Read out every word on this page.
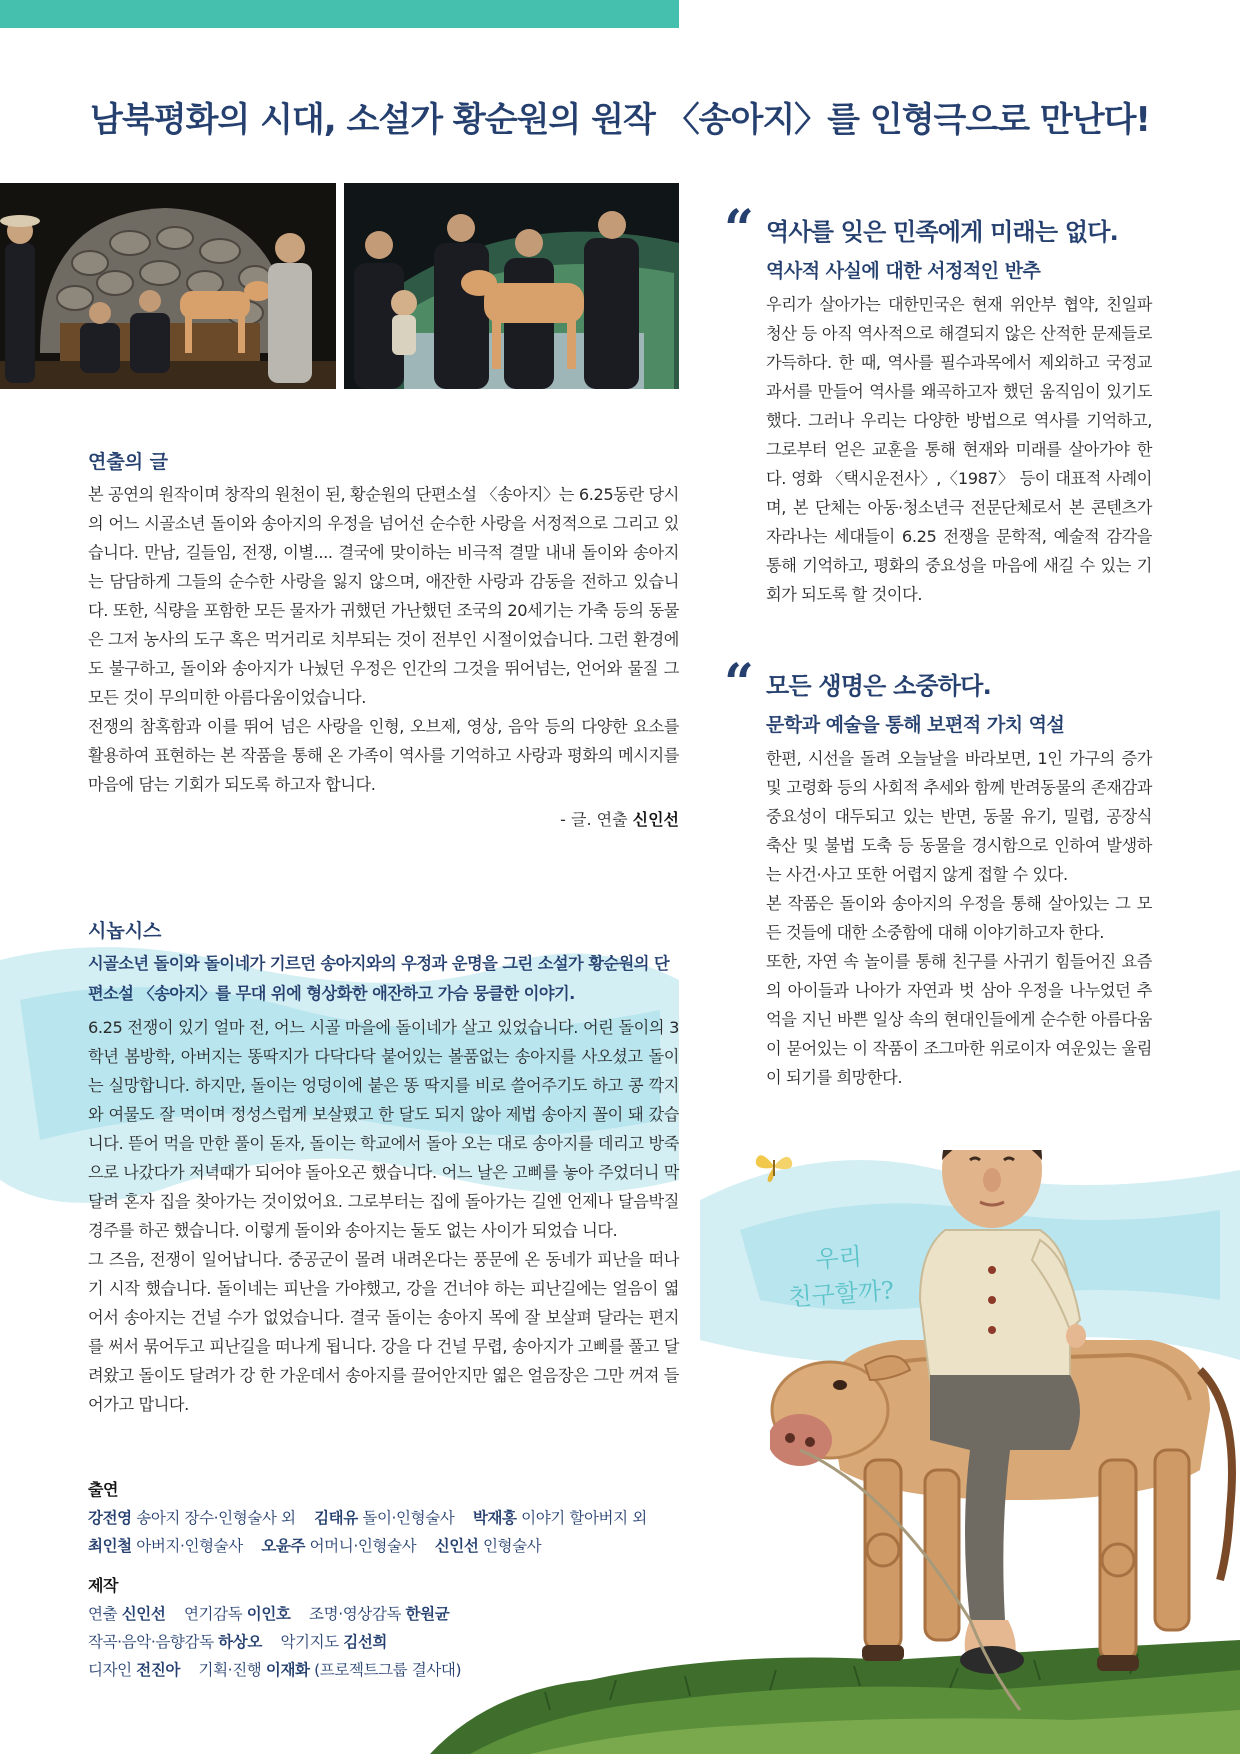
남북평화의 시대, 소설가 황순원의 원작 〈송아지〉를 인형극으로 만난다!
연출의 글

본 공연의 원작이며 창작의 원천이 된, 황순원의 단편소설 〈송아지〉는 6.25동란 당시의 어느 시골소년 돌이와 송아지의 우정을 넘어선 순수한 사랑을 서정적으로 그리고 있습니다. 만남, 길들임, 전쟁, 이별.... 결국에 맞이하는 비극적 결말 내내 돌이와 송아지는 담담하게 그들의 순수한 사랑을 잃지 않으며, 애잔한 사랑과 감동을 전하고 있습니다. 또한, 식량을 포함한 모든 물자가 귀했던 가난했던 조국의 20세기는 가축 등의 동물은 그저 농사의 도구 혹은 먹거리로 치부되는 것이 전부인 시절이었습니다. 그런 환경에도 불구하고, 돌이와 송아지가 나눴던 우정은 인간의 그것을 뛰어넘는, 언어와 물질 그 모든 것이 무의미한 아름다움이었습니다.

전쟁의 참혹함과 이를 뛰어 넘은 사랑을 인형, 오브제, 영상, 음악 등의 다양한 요소를 활용하여 표현하는 본 작품을 통해 온 가족이 역사를 기억하고 사랑과 평화의 메시지를 마음에 담는 기회가 되도록 하고자 합니다.

- 글. 연출 신인선
시놉시스
시골소년 돌이와 돌이네가 기르던 송아지와의 우정과 운명을 그린 소설가 황순원의 단편소설 〈송아지〉를 무대 위에 형상화한 애잔하고 가슴 뭉클한 이야기.

6.25 전쟁이 있기 얼마 전, 어느 시골 마을에 돌이네가 살고 있었습니다. 어린 돌이의 3학년 봄방학, 아버지는 똥딱지가 다닥다닥 붙어있는 볼품없는 송아지를 사오셨고 돌이는 실망합니다. 하지만, 돌이는 엉덩이에 붙은 똥 딱지를 비로 쓸어주기도 하고 콩 깍지와 여물도 잘 먹이며 정성스럽게 보살폈고 한 달도 되지 않아 제법 송아지 꼴이 돼 갔습니다. 뜯어 먹을 만한 풀이 돋자, 돌이는 학교에서 돌아 오는 대로 송아지를 데리고 방죽으로 나갔다가 저녁때가 되어야 돌아오곤 했습니다. 어느 날은 고삐를 놓아 주었더니 막 달려 혼자 집을 찾아가는 것이었어요. 그로부터는 집에 돌아가는 길엔 언제나 달음박질 경주를 하곤 했습니다. 이렇게 돌이와 송아지는 둘도 없는 사이가 되었습 니다.

그 즈음, 전쟁이 일어납니다. 중공군이 몰려 내려온다는 풍문에 온 동네가 피난을 떠나기 시작 했습니다. 돌이네는 피난을 가야했고, 강을 건너야 하는 피난길에는 얼음이 엷어서 송아지는 건널 수가 없었습니다. 결국 돌이는 송아지 목에 잘 보살펴 달라는 편지를 써서 묶어두고 피난길을 떠나게 됩니다. 강을 다 건널 무렵, 송아지가 고삐를 풀고 달려왔고 돌이도 달려가 강 한 가운데서 송아지를 끌어안지만 엷은 얼음장은 그만 꺼져 들어가고 맙니다.

출연
강전영 송아지 장수·인형술사 외 김태유 돌이·인형술사 박재홍 이야기 할아버지 외
최인철 아버지·인형술사 오윤주 어머니·인형술사 신인선 인형술사
제작
연출 신인선 연기감독 이인호 조명·영상감독 한원균
작곡·음악·음향감독 하상오 악기지도 김선희
디자인 전진아 기획·진행 이재화 (프로젝트그룹 결사대)
“ 역사를 잊은 민족에게 미래는 없다.
역사적 사실에 대한 서정적인 반추

우리가 살아가는 대한민국은 현재 위안부 협약, 친일파 청산 등 아직 역사적으로 해결되지 않은 산적한 문제들로 가득하다. 한 때, 역사를 필수과목에서 제외하고 국정교과서를 만들어 역사를 왜곡하고자 했던 움직임이 있기도 했다. 그러나 우리는 다양한 방법으로 역사를 기억하고, 그로부터 얻은 교훈을 통해 현재와 미래를 살아가야 한다. 영화 〈택시운전사〉,〈1987〉 등이 대표적 사례이며, 본 단체는 아동·청소년극 전문단체로서 본 콘텐츠가 자라나는 세대들이 6.25 전쟁을 문학적, 예술적 감각을 통해 기억하고, 평화의 중요성을 마음에 새길 수 있는 기회가 되도록 할 것이다.

“ 모든 생명은 소중하다.
문학과 예술을 통해 보편적 가치 역설

한편, 시선을 돌려 오늘날을 바라보면, 1인 가구의 증가 및 고령화 등의 사회적 추세와 함께 반려동물의 존재감과 중요성이 대두되고 있는 반면, 동물 유기, 밀렵, 공장식 축산 및 불법 도축 등 동물을 경시함으로 인하여 발생하는 사건·사고 또한 어렵지 않게 접할 수 있다.

본 작품은 돌이와 송아지의 우정을 통해 살아있는 그 모든 것들에 대한 소중함에 대해 이야기하고자 한다.

또한, 자연 속 놀이를 통해 친구를 사귀기 힘들어진 요즘의 아이들과 나아가 자연과 벗 삼아 우정을 나누었던 추억을 지닌 바쁜 일상 속의 현대인들에게 순수한 아름다움이 묻어있는 이 작품이 조그마한 위로이자 여운있는 울림이 되기를 희망한다.

우리
친구할까?
